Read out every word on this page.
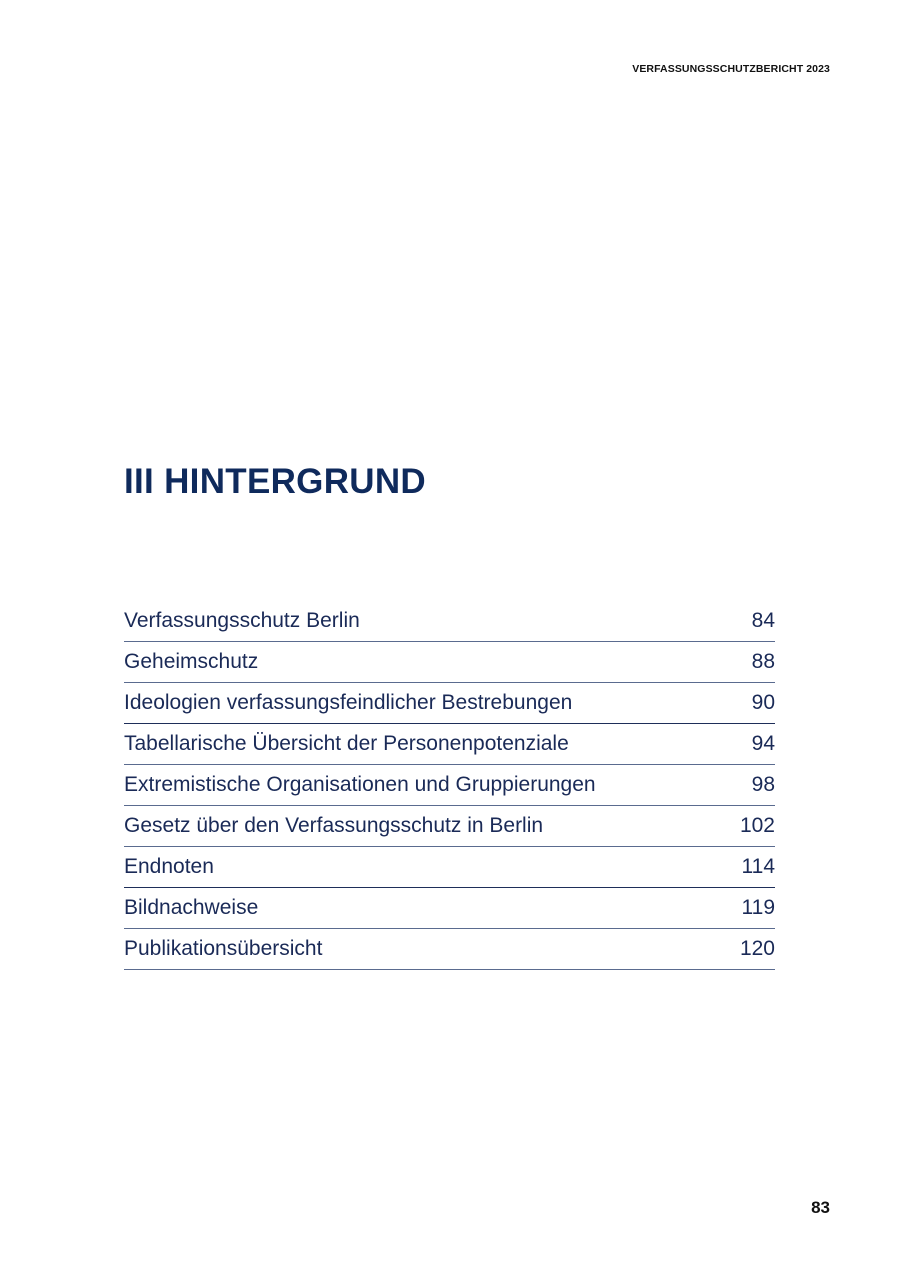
VERFASSUNGSSCHUTZBERICHT 2023
III HINTERGRUND
Verfassungsschutz Berlin	84
Geheimschutz	88
Ideologien verfassungsfeindlicher Bestrebungen	90
Tabellarische Übersicht der Personenpotenziale	94
Extremistische Organisationen und Gruppierungen	98
Gesetz über den Verfassungsschutz in Berlin	102
Endnoten	114
Bildnachweise	119
Publikationsübersicht	120
83
